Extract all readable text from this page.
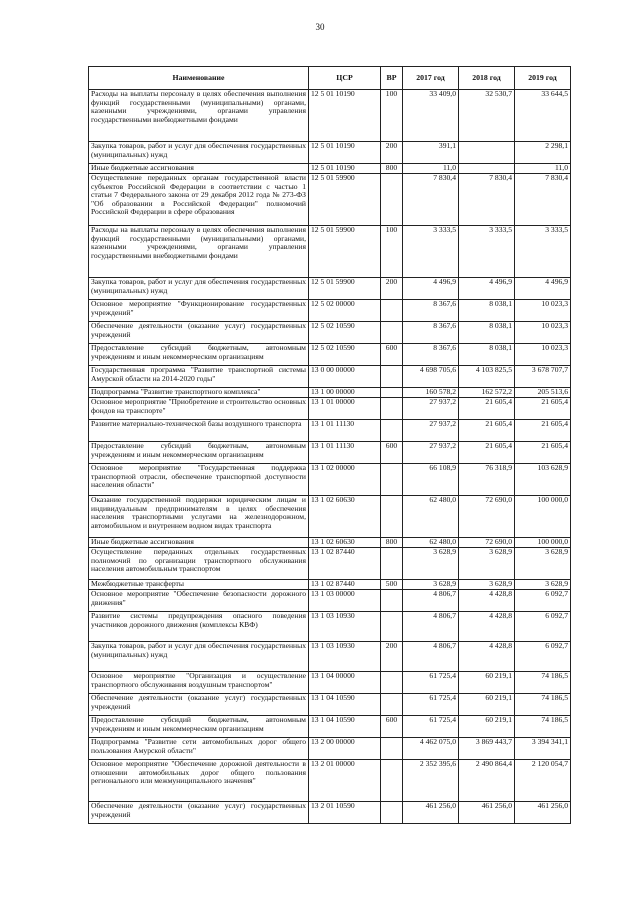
30
Наименование	ЦСР	ВР	2017 год	2018 год	2019 год
Расходы на выплаты персоналу в целях обеспечения выполнения функций государственными (муниципальными) органами, казенными учреждениями, органами управления государственными внебюджетными фондами	12 5 01 10190	100	33 409,0	32 530,7	33 644,5
Закупка товаров, работ и услуг для обеспечения государственных (муниципальных) нужд	12 5 01 10190	200	391,1		2 298,1
Иные бюджетные ассигнования	12 5 01 10190	800	11,0		11,0
Осуществление переданных органам государственной власти субъектов Российской Федерации в соответствии с частью 1 статьи 7 Федерального закона от 29 декабря 2012 года № 273-ФЗ "Об образовании в Российской Федерации" полномочий Российской Федерации в сфере образования	12 5 01 59900		7 830,4	7 830,4	7 830,4
Расходы на выплаты персоналу в целях обеспечения выполнения функций государственными (муниципальными) органами, казенными учреждениями, органами управления государственными внебюджетными фондами	12 5 01 59900	100	3 333,5	3 333,5	3 333,5
Закупка товаров, работ и услуг для обеспечения государственных (муниципальных) нужд	12 5 01 59900	200	4 496,9	4 496,9	4 496,9
Основное мероприятие "Функционирование государственных учреждений"	12 5 02 00000		8 367,6	8 038,1	10 023,3
Обеспечение деятельности (оказание услуг) государственных учреждений	12 5 02 10590		8 367,6	8 038,1	10 023,3
Предоставление субсидий бюджетным, автономным учреждениям и иным некоммерческим организациям	12 5 02 10590	600	8 367,6	8 038,1	10 023,3
Государственная программа "Развитие транспортной системы Амурской области на 2014-2020 годы"	13 0 00 00000		4 698 705,6	4 103 825,5	3 678 707,7
Подпрограмма "Развитие транспортного комплекса"	13 1 00 00000		160 578,2	162 572,2	205 513,6
Основное мероприятие "Приобретение и строительство основных фондов на транспорте"	13 1 01 00000		27 937,2	21 605,4	21 605,4
Развитие материально-технической базы воздушного транспорта	13 1 01 11130		27 937,2	21 605,4	21 605,4
Предоставление субсидий бюджетным, автономным учреждениям и иным некоммерческим организациям	13 1 01 11130	600	27 937,2	21 605,4	21 605,4
Основное мероприятие "Государственная поддержка транспортной отрасли, обеспечение транспортной доступности населения области"	13 1 02 00000		66 108,9	76 318,9	103 628,9
Оказание государственной поддержки юридическим лицам и индивидуальным предпринимателям в целях обеспечения населения транспортными услугами на железнодорожном, автомобильном и внутреннем водном видах транспорта	13 1 02 60630		62 480,0	72 690,0	100 000,0
Иные бюджетные ассигнования	13 1 02 60630	800	62 480,0	72 690,0	100 000,0
Осуществление переданных отдельных государственных полномочий по организации транспортного обслуживания населения автомобильным транспортом	13 1 02 87440		3 628,9	3 628,9	3 628,9
Межбюджетные трансферты	13 1 02 87440	500	3 628,9	3 628,9	3 628,9
Основное мероприятие "Обеспечение безопасности дорожного движения"	13 1 03 00000		4 806,7	4 428,8	6 092,7
Развитие системы предупреждения опасного поведения участников дорожного движения (комплексы КВФ)	13 1 03 10930		4 806,7	4 428,8	6 092,7
Закупка товаров, работ и услуг для обеспечения государственных (муниципальных) нужд	13 1 03 10930	200	4 806,7	4 428,8	6 092,7
Основное мероприятие "Организация и осуществление транспортного обслуживания воздушным транспортом"	13 1 04 00000		61 725,4	60 219,1	74 186,5
Обеспечение деятельности (оказание услуг) государственных учреждений	13 1 04 10590		61 725,4	60 219,1	74 186,5
Предоставление субсидий бюджетным, автономным учреждениям и иным некоммерческим организациям	13 1 04 10590	600	61 725,4	60 219,1	74 186,5
Подпрограмма "Развитие сети автомобильных дорог общего пользования Амурской области"	13 2 00 00000		4 462 075,0	3 869 443,7	3 394 341,1
Основное мероприятие "Обеспечение дорожной деятельности в отношении автомобильных дорог общего пользования регионального или межмуниципального значения"	13 2 01 00000		2 352 395,6	2 490 864,4	2 120 054,7
Обеспечение деятельности (оказание услуг) государственных учреждений	13 2 01 10590		461 256,0	461 256,0	461 256,0
